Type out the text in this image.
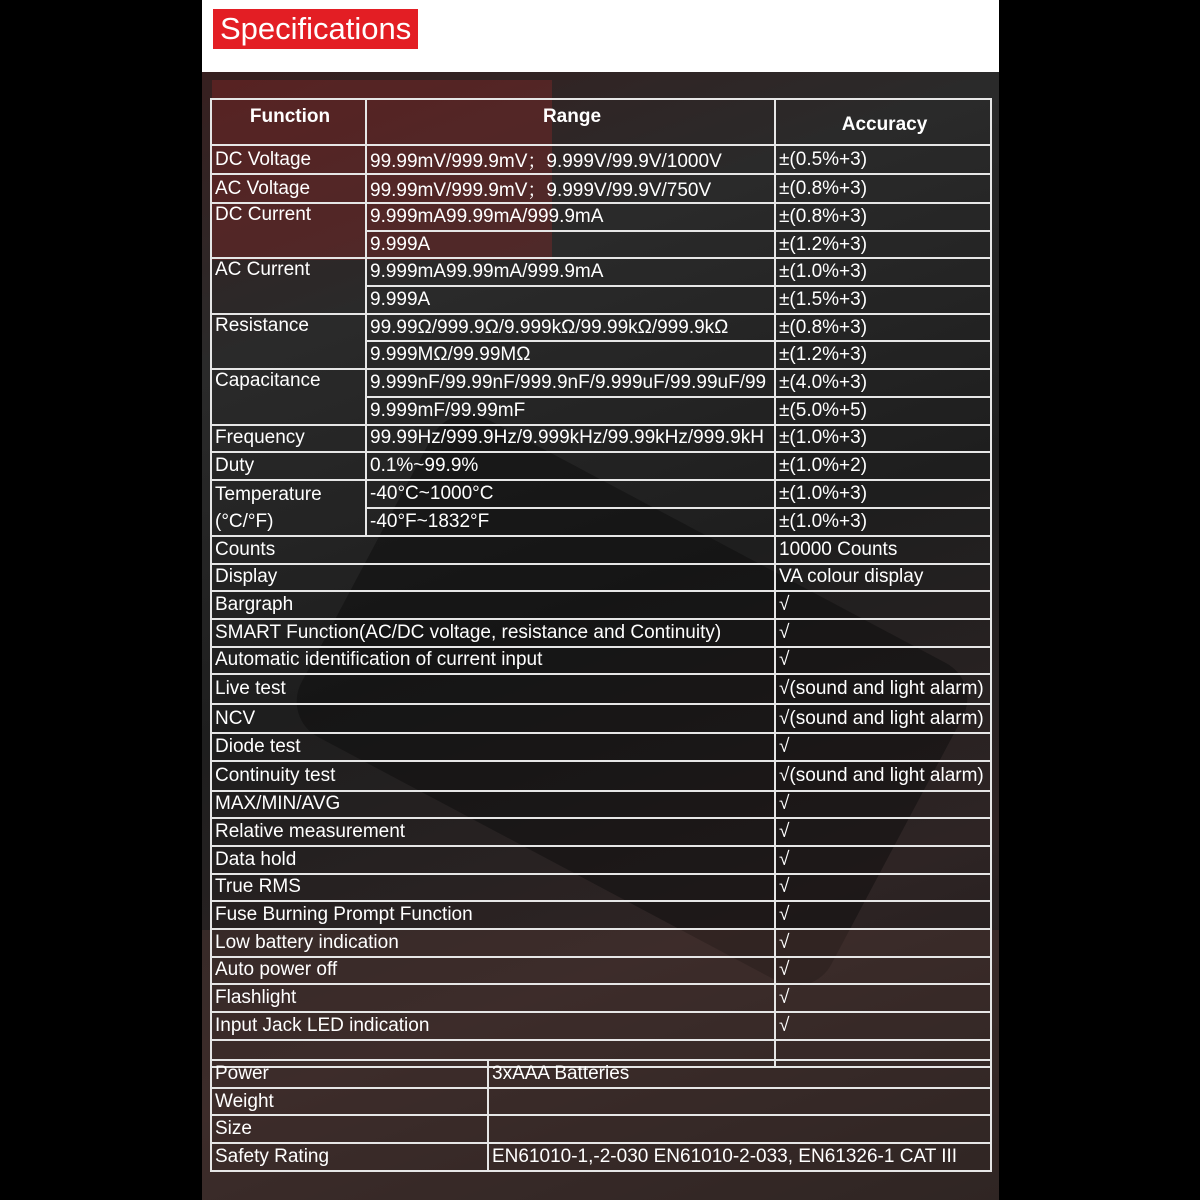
Specifications
Function	Range	Accuracy
DC Voltage	99.99mV/999.9mV；9.999V/99.9V/1000V	±(0.5%+3)
AC Voltage	99.99mV/999.9mV；9.999V/99.9V/750V	±(0.8%+3)
DC Current	9.999mA99.99mA/999.9mA	±(0.8%+3)
	9.999A	±(1.2%+3)
AC Current	9.999mA99.99mA/999.9mA	±(1.0%+3)
	9.999A	±(1.5%+3)
Resistance	99.99Ω/999.9Ω/9.999kΩ/99.99kΩ/999.9kΩ	±(0.8%+3)
	9.999MΩ/99.99MΩ	±(1.2%+3)
Capacitance	9.999nF/99.99nF/999.9nF/9.999uF/99.99uF/99	±(4.0%+3)
	9.999mF/99.99mF	±(5.0%+5)
Frequency	99.99Hz/999.9Hz/9.999kHz/99.99kHz/999.9kH	±(1.0%+3)
Duty	0.1%~99.9%	±(1.0%+2)

Temperature
(°C/°F)	-40°C~1000°C	±(1.0%+3)
	-40°F~1832°F	±(1.0%+3)
Counts		10000 Counts
Display		VA colour display
Bargraph		√
SMART Function(AC/DC voltage, resistance and Continuity)		√
Automatic identification of current input		√
Live test		√(sound and light alarm)
NCV		√(sound and light alarm)
Diode test		√
Continuity test		√(sound and light alarm)
MAX/MIN/AVG		√
Relative measurement		√
Data hold		√
True RMS		√
Fuse Burning Prompt Function		√
Low battery indication		√
Auto power off		√
Flashlight		√
Input Jack LED indication		√

Power	3xAAA Batteries
Weight	
Size	
Safety Rating	EN61010-1,-2-030 EN61010-2-033, EN61326-1 CAT III
